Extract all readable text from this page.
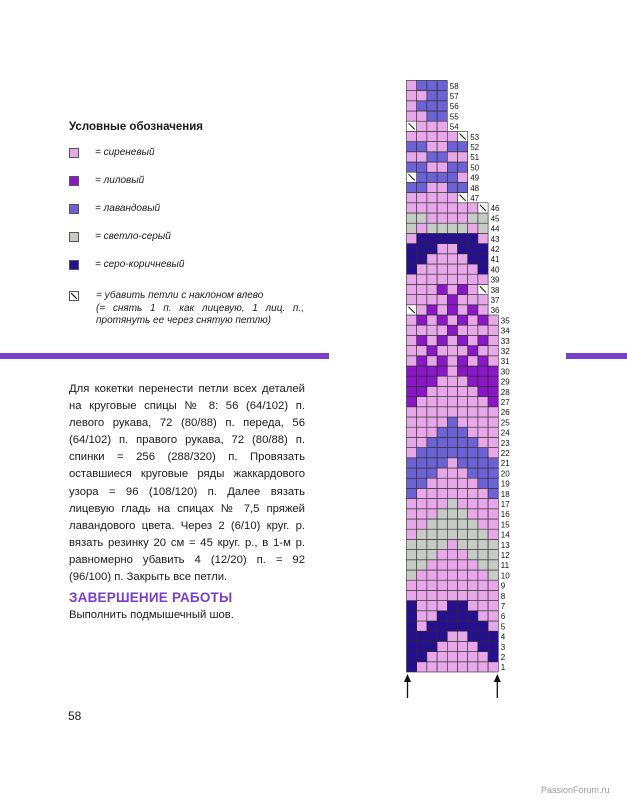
Условные обозначения
= сиреневый
= лиловый
= лавандовый
= светло-серый
= серо-коричневый
= убавить петли с наклоном влево
(= снять 1 п. как лицевую, 1 лиц. п., протянуть ее через снятую петлю)
Для кокетки перенести петли всех деталей на круговые спицы № 8: 56 (64/102) п. левого рукава, 72 (80/88) п. переда, 56 (64/102) п. правого рукава, 72 (80/88) п. спинки = 256 (288/320) п. Провязать оставшиеся круговые ряды жаккардового узора = 96 (108/120) п. Далее вязать лицевую гладь на спицах № 7,5 пряжей лавандового цвета. Через 2 (6/10) круг. р. вязать резинку 20 см = 45 круг. р., в 1-м р. равномерно убавить 4 (12/20) п. = 92 (96/100) п. Закрыть все петли.
ЗАВЕРШЕНИЕ РАБОТЫ
Выполнить подмышечный шов.
58
PassionForum.ru
1
2
3
4
5
6
7
8
9
10
11
12
13
14
15
16
17
18
19
20
21
22
23
24
25
26
27
28
29
30
31
32
33
34
35
36
37
38
39
40
41
42
43
44
45
46
47
48
49
50
51
52
53
54
55
56
57
58
